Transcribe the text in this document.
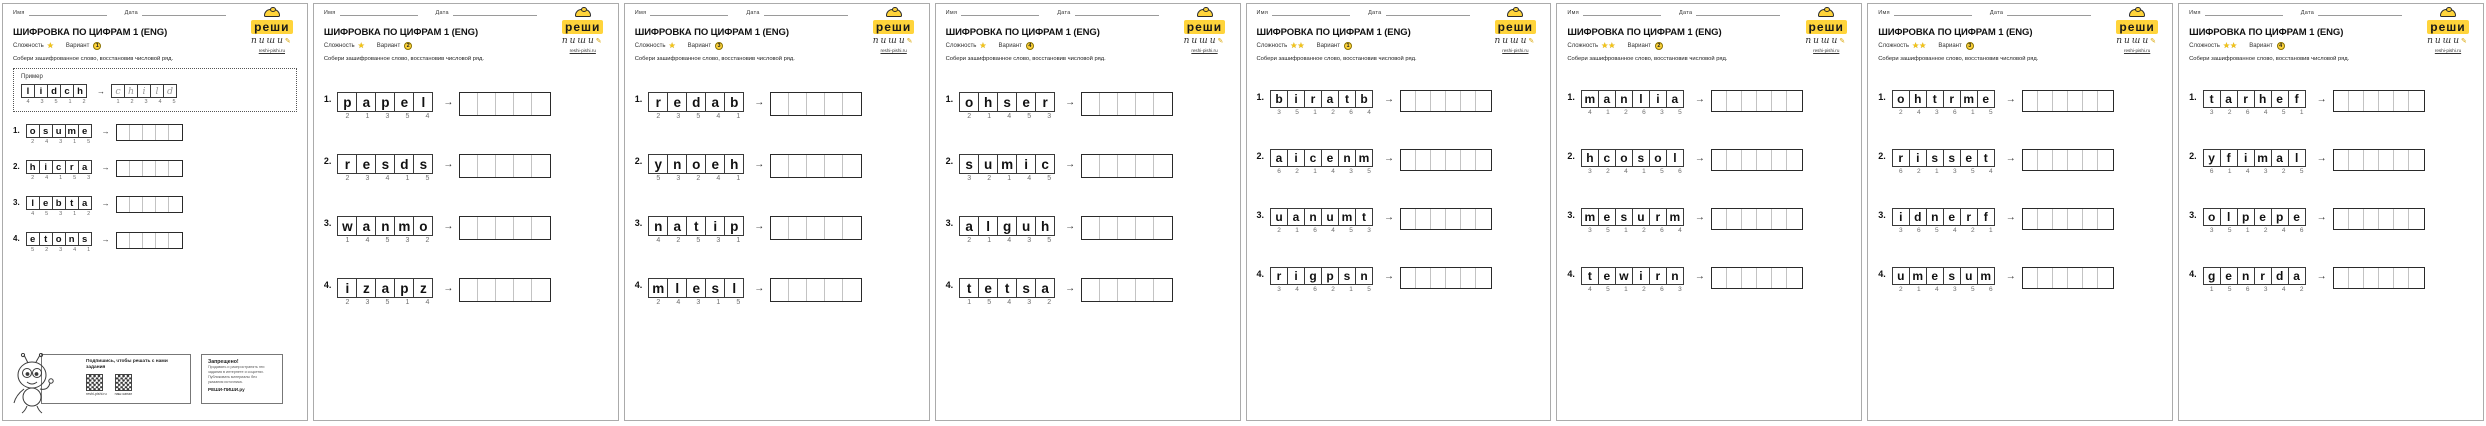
Имя	Дата
реши
пиши✎
reshi-pishi.ru
ШИФРОВКА ПО ЦИФРАМ 1 (ENG)
Сложность ★ Вариант	1
Собери зашифрованное слово, восстановив числовой ряд.
Пример
l	i d c h
4	3	5	1	2
→	c h i	l d
1	2	3	4	5
1.	o s u m e
2	4	3	1	5
→
2.	h i c r a
2	4	1	5	3
→
3.	l e b t a
4	5	3	1	2
→
4.	e t o n s
5	2	3	4	1
→
Подпишись, чтобы решать с нами задания
reshi-pishi.ru наш канал
Запрещено!
Продавать и распространять эти
задания в интернете и соцсетях.
Публиковать материалы без
указания источника.
РЕШИ-ПИШИ.ру
Имя	Дата
реши
пиши✎
reshi-pishi.ru
ШИФРОВКА ПО ЦИФРАМ 1 (ENG)
Сложность ★ Вариант	2
Собери зашифрованное слово, восстановив числовой ряд.
1. p a p e l
2	1	3	5	4
→
2. r e s d s
2	3	4	1	5
→
3. w a n m o
1	4	5	3	2
→
4.	i	z a p z
2	3	5	1	4
→
Имя	Дата
реши
пиши✎
reshi-pishi.ru
ШИФРОВКА ПО ЦИФРАМ 1 (ENG)
Сложность ★ Вариант	3
Собери зашифрованное слово, восстановив числовой ряд.
1. r e d a b
2	3	5	4	1
→
2. y n o e h
5	3	2	4	1
→
3. n a t	i p
4	2	5	3	1
→
4. m l e s l
2	4	3	1	5
→
Имя	Дата
реши
пиши✎
reshi-pishi.ru
ШИФРОВКА ПО ЦИФРАМ 1 (ENG)
Сложность ★ Вариант	4
Собери зашифрованное слово, восстановив числовой ряд.
1. o h s e r
2	1	4	5	3
→
2. s u m i c
3	2	1	4	5
→
3. a l g u h
2	1	4	3	5
→
4.	t e t s a
1	5	4	3	2
→
Имя	Дата
реши
пиши✎
reshi-pishi.ru
ШИФРОВКА ПО ЦИФРАМ 1 (ENG)
Сложность ★★ Вариант	1
Собери зашифрованное слово, восстановив числовой ряд.
1. b i	r a t b
3	5	1	2	6	4
→
2. a i c e n m
6	2	1	4	3	5
→
3. u a n u m t
2	1	6	4	5	3
→
4.	r	i g p s n
3	4	6	2	1	5
→
Имя	Дата
реши
пиши✎
reshi-pishi.ru
ШИФРОВКА ПО ЦИФРАМ 1 (ENG)
Сложность ★★ Вариант	2
Собери зашифрованное слово, восстановив числовой ряд.
1. m a n l	i a
4	1	2	6	3	5
→
2. h c o s o l
3	2	4	1	5	6
→
3. m e s u r m
3	5	1	2	6	4
→
4.	t e w i	r n
4	5	1	2	6	3
→
Имя	Дата
реши
пиши✎
reshi-pishi.ru
ШИФРОВКА ПО ЦИФРАМ 1 (ENG)
Сложность ★★ Вариант	3
Собери зашифрованное слово, восстановив числовой ряд.
1. o h t	r m e
2	4	3	6	1	5
→
2.	r	i s s e t
6	2	1	3	5	4
→
3.	i d n e r	f
3	6	5	4	2	1
→
4. u m e s u m
2	1	4	3	5	6
→
Имя	Дата
реши
пиши✎
reshi-pishi.ru
ШИФРОВКА ПО ЦИФРАМ 1 (ENG)
Сложность ★★ Вариант	4
Собери зашифрованное слово, восстановив числовой ряд.
1.	t a r h e f
3	2	6	4	5	1
→
2. y f	i m a l
6	1	4	3	2	5
→
3. o l p e p e
3	5	1	2	4	6
→
4. g e n r d a
1	5	6	3	4	2
→
